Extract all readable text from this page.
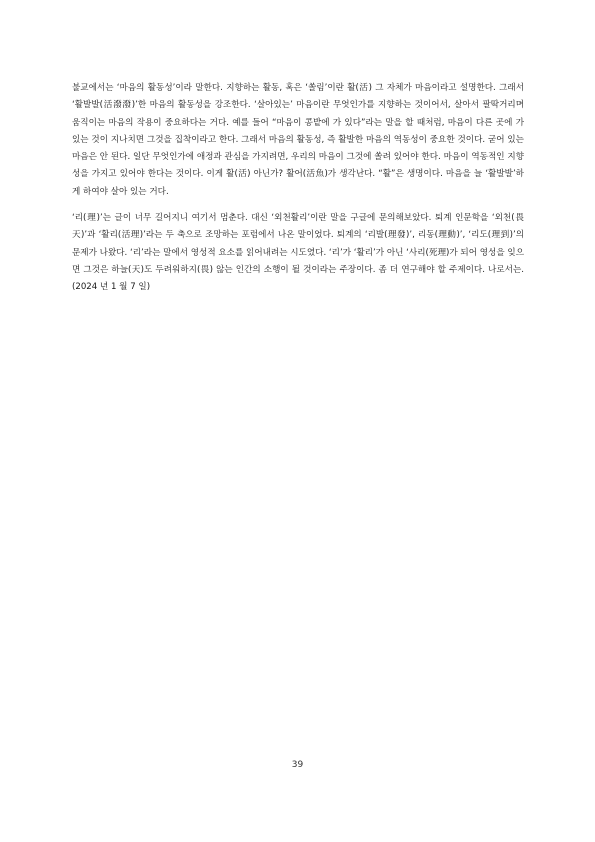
불교에서는 ‘마음의 활동성’이라 말한다. 지향하는 활동, 혹은 ‘쏠림’이란 활(活) 그 자체가 마음이라고 설명한다. 그래서 ‘활발발(活潑潑)’한 마음의 활동성을 강조한다. ‘살아있는’ 마음이란 무엇인가를 지향하는 것이어서, 살아서 팔딱거리며 움직이는 마음의 작용이 중요하다는 거다. 예를 들어 “마음이 콩밭에 가 있다”라는 말을 할 때처럼, 마음이 다른 곳에 가 있는 것이 지나치면 그것을 집착이라고 한다. 그래서 마음의 활동성, 즉 활발한 마음의 역동성이 중요한 것이다. 굳어 있는 마음은 안 된다. 일단 무엇인가에 애정과 관심을 가지려면, 우리의 마음이 그것에 쏠려 있어야 한다. 마음이 역동적인 지향성을 가지고 있어야 한다는 것이다. 이게 활(活) 아닌가? 활어(活魚)가 생각난다. “활”은 생명이다. 마음을 늘 ‘활발발’하게 하여야 살아 있는 거다.

‘리(理)’는 글이 너무 길어지니 여기서 멈춘다. 대신 ‘외천활리’이란 말을 구글에 문의해보았다. 퇴계 인문학을 ‘외천(畏天)’과 ‘활리(活理)’라는 두 축으로 조망하는 포럼에서 나온 말이었다. 퇴계의 ‘리발(理發)’, 리동(理動)’, ‘리도(理到)’의 문제가 나왔다. ‘리’라는 말에서 영성적 요소를 읽어내려는 시도였다. ‘리’가 ‘활리’가 아닌 ‘사리(死理)가 되어 영성을 잊으면 그것은 하늘(天)도 두려워하지(畏) 않는 인간의 소행이 될 것이라는 주장이다. 좀 더 연구해야 할 주제이다. 나로서는. (2024 년 1 월 7 일)

39
